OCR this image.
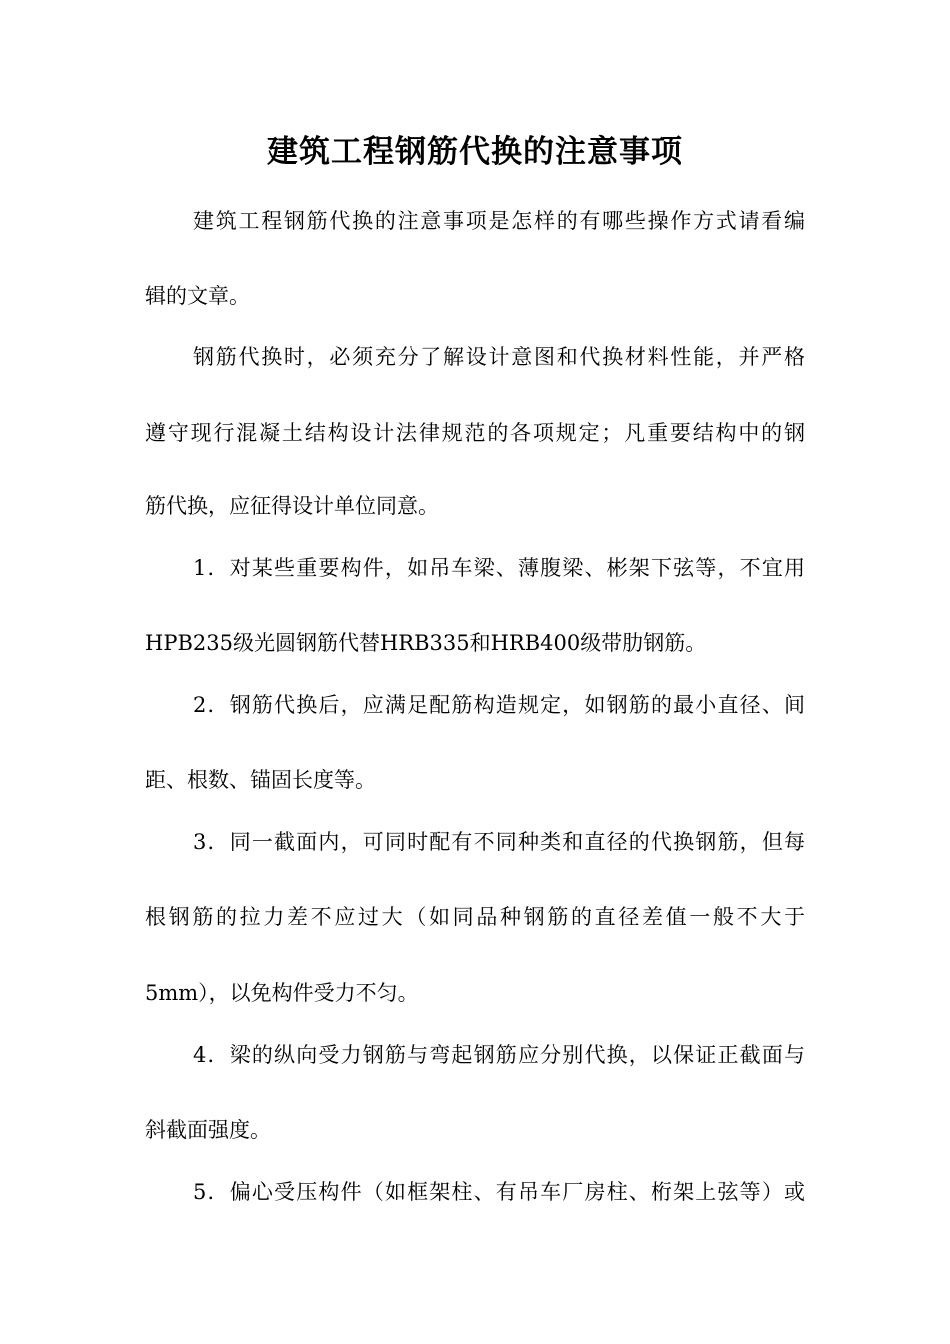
建筑工程钢筋代换的注意事项

建筑工程钢筋代换的注意事项是怎样的有哪些操作方式请看编

辑的文章。

钢筋代换时，必须充分了解设计意图和代换材料性能，并严格

遵守现行混凝土结构设计法律规范的各项规定；凡重要结构中的钢

筋代换，应征得设计单位同意。

1．对某些重要构件，如吊车梁、薄腹梁、彬架下弦等，不宜用

HPB235级光圆钢筋代替HRB335和HRB400级带肋钢筋。

2．钢筋代换后，应满足配筋构造规定，如钢筋的最小直径、间

距、根数、锚固长度等。

3．同一截面内，可同时配有不同种类和直径的代换钢筋，但每

根钢筋的拉力差不应过大（如同品种钢筋的直径差值一般不大于

5mm），以免构件受力不匀。

4．梁的纵向受力钢筋与弯起钢筋应分别代换，以保证正截面与

斜截面强度。

5．偏心受压构件（如框架柱、有吊车厂房柱、桁架上弦等）或
